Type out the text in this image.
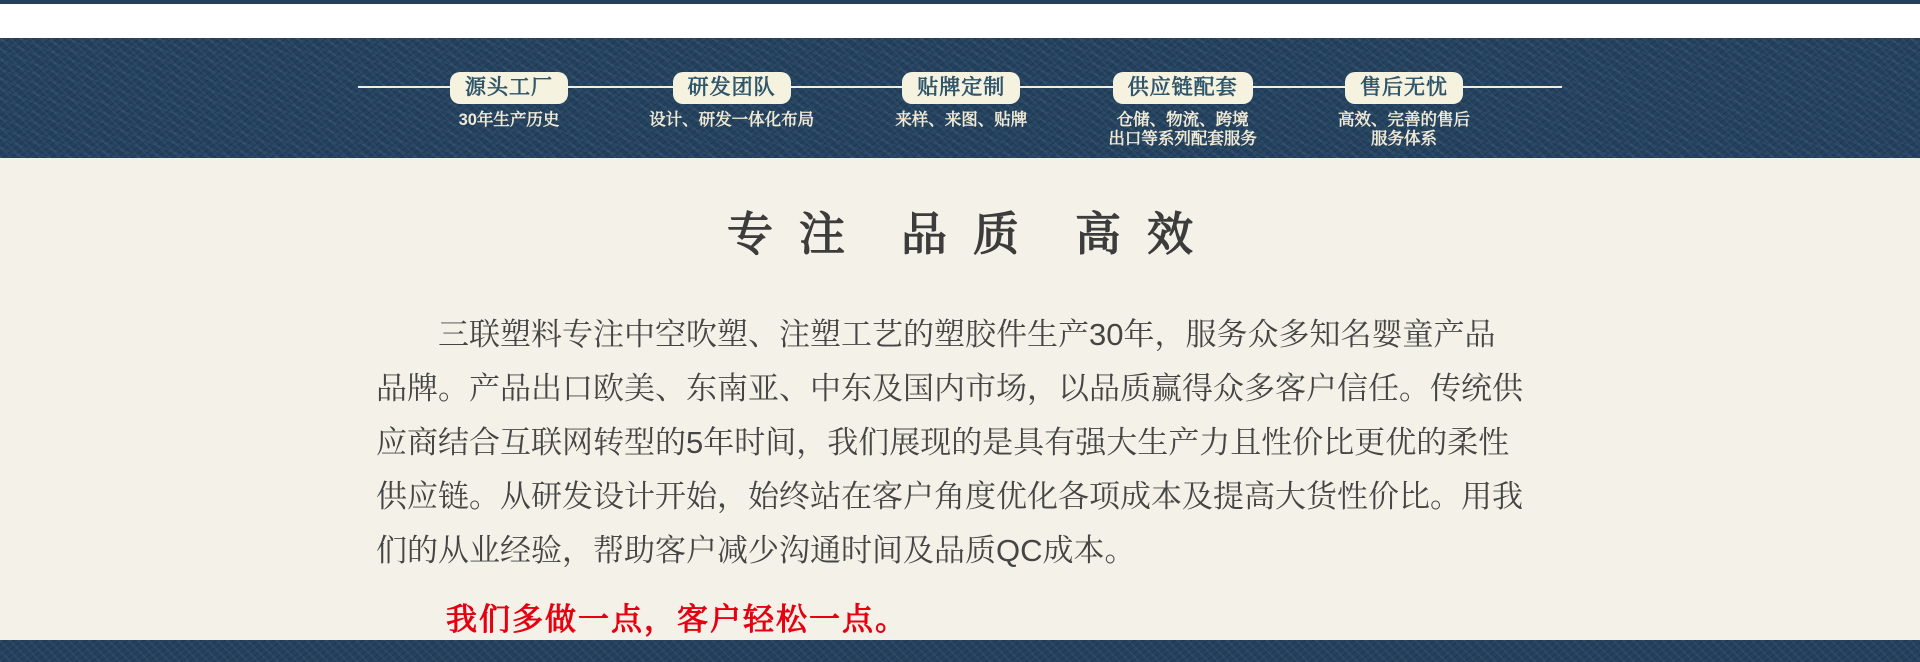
源头工厂
30年生产历史
研发团队
设计、研发一体化布局
贴牌定制
来样、来图、贴牌
供应链配套
仓储、物流、跨境
出口等系列配套服务
售后无忧
高效、完善的售后
服务体系
专注 品质 高效
三联塑料专注中空吹塑、注塑工艺的塑胶件生产30年，服务众多知名婴童产品
品牌。产品出口欧美、东南亚、中东及国内市场，以品质赢得众多客户信任。传统供
应商结合互联网转型的5年时间，我们展现的是具有强大生产力且性价比更优的柔性
供应链。从研发设计开始，始终站在客户角度优化各项成本及提高大货性价比。用我
们的从业经验，帮助客户减少沟通时间及品质QC成本。
我们多做一点，客户轻松一点。
